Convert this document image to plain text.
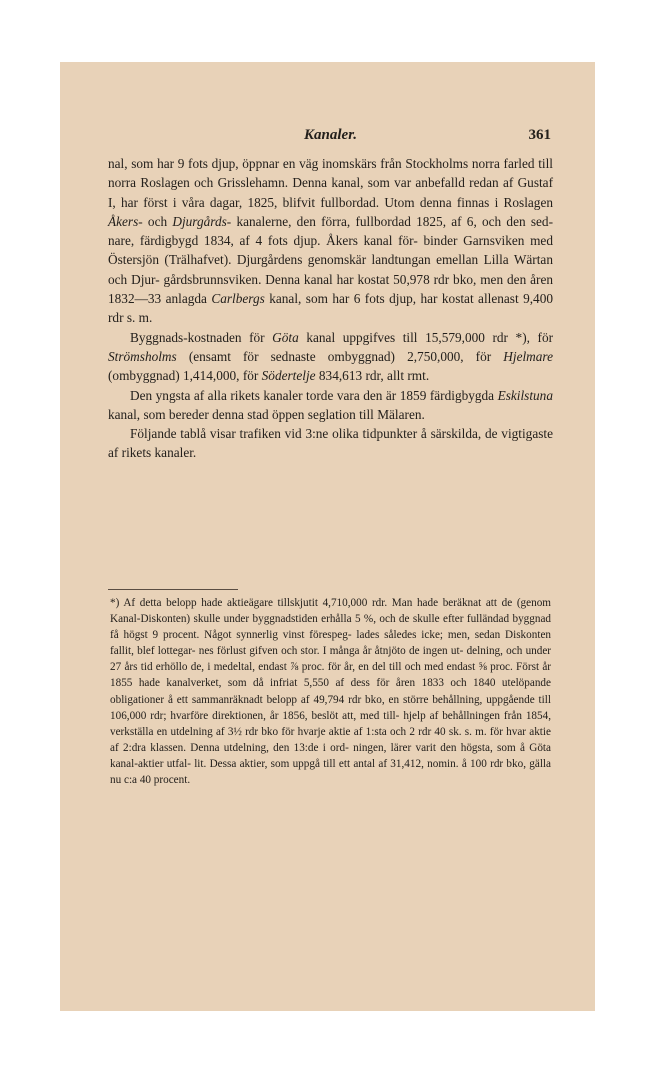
Kanaler.	361

nal, som har 9 fots djup, öppnar en väg inomskärs från Stockholms norra farled till norra Roslagen och Grisslehamn. Denna kanal, som var anbefalld redan af Gustaf I, har först i våra dagar, 1825, blifvit fullbordad. Utom denna finnas i Roslagen Åkers- och Djurgårds- kanalerne, den förra, fullbordad 1825, af 6, och den sed- nare, färdigbygd 1834, af 4 fots djup. Åkers kanal för- binder Garnsviken med Östersjön (Trälhafvet). Djurgårdens genomskär landtungan emellan Lilla Wärtan och Djur- gårdsbrunnsviken. Denna kanal har kostat 50,978 rdr bko, men den åren 1832—33 anlagda Carlbergs kanal, som har 6 fots djup, har kostat allenast 9,400 rdr s. m.

Byggnads-kostnaden för Göta kanal uppgifves till 15,579,000 rdr *), för Strömsholms (ensamt för sednaste ombyggnad) 2,750,000, för Hjelmare (ombyggnad) 1,414,000, för Södertelje 834,613 rdr, allt rmt.

Den yngsta af alla rikets kanaler torde vara den är 1859 färdigbygda Eskilstuna kanal, som bereder denna stad öppen seglation till Mälaren.

Följande tablå visar trafiken vid 3:ne olika tidpunkter å särskilda, de vigtigaste af rikets kanaler.

*) Af detta belopp hade aktieägare tillskjutit 4,710,000 rdr. Man hade beräknat att de (genom Kanal-Diskonten) skulle under byggnadstiden erhålla 5 %, och de skulle efter fulländad byggnad få högst 9 procent. Något synnerlig vinst förespeg- lades således icke; men, sedan Diskonten fallit, blef lottegar- nes förlust gifven och stor. I många år åtnjöto de ingen ut- delning, och under 27 års tid erhöllo de, i medeltal, endast ⅞ proc. för år, en del till och med endast ⅝ proc. Först år 1855 hade kanalverket, som då infriat 5,550 af dess för åren 1833 och 1840 utelöpande obligationer å ett sammanräknadt belopp af 49,794 rdr bko, en större behållning, uppgående till 106,000 rdr; hvarföre direktionen, år 1856, beslöt att, med till- hjelp af behållningen från 1854, verkställa en utdelning af 3½ rdr bko för hvarje aktie af 1:sta och 2 rdr 40 sk. s. m. för hvar aktie af 2:dra klassen. Denna utdelning, den 13:de i ord- ningen, lärer varit den högsta, som å Göta kanal-aktier utfal- lit. Dessa aktier, som uppgå till ett antal af 31,412, nomin. å 100 rdr bko, gälla nu c:a 40 procent.
